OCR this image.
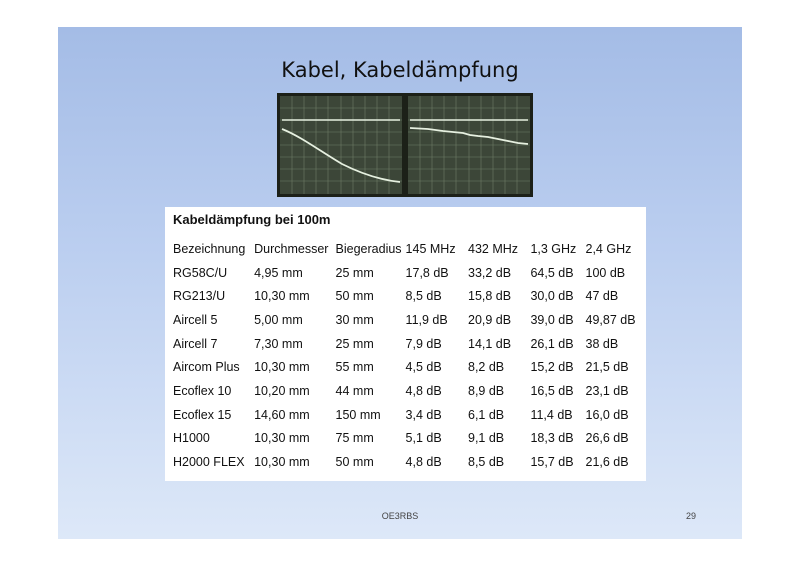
Kabel, Kabeldämpfung
Kabeldämpfung bei 100m
Bezeichnung	Durchmesser	Biegeradius	145 MHz	432 MHz	1,3 GHz	2,4 GHz
RG58C/U	4,95 mm	25 mm	17,8 dB	33,2 dB	64,5 dB	100 dB
RG213/U	10,30 mm	50 mm	8,5 dB	15,8 dB	30,0 dB	47 dB
Aircell 5	5,00 mm	30 mm	11,9 dB	20,9 dB	39,0 dB	49,87 dB
Aircell 7	7,30 mm	25 mm	7,9 dB	14,1 dB	26,1 dB	38 dB
Aircom Plus	10,30 mm	55 mm	4,5 dB	8,2 dB	15,2 dB	21,5 dB
Ecoflex 10	10,20 mm	44 mm	4,8 dB	8,9 dB	16,5 dB	23,1 dB
Ecoflex 15	14,60 mm	150 mm	3,4 dB	6,1 dB	11,4 dB	16,0 dB
H1000	10,30 mm	75 mm	5,1 dB	9,1 dB	18,3 dB	26,6 dB
H2000 FLEX	10,30 mm	50 mm	4,8 dB	8,5 dB	15,7 dB	21,6 dB
OE3RBS	29
